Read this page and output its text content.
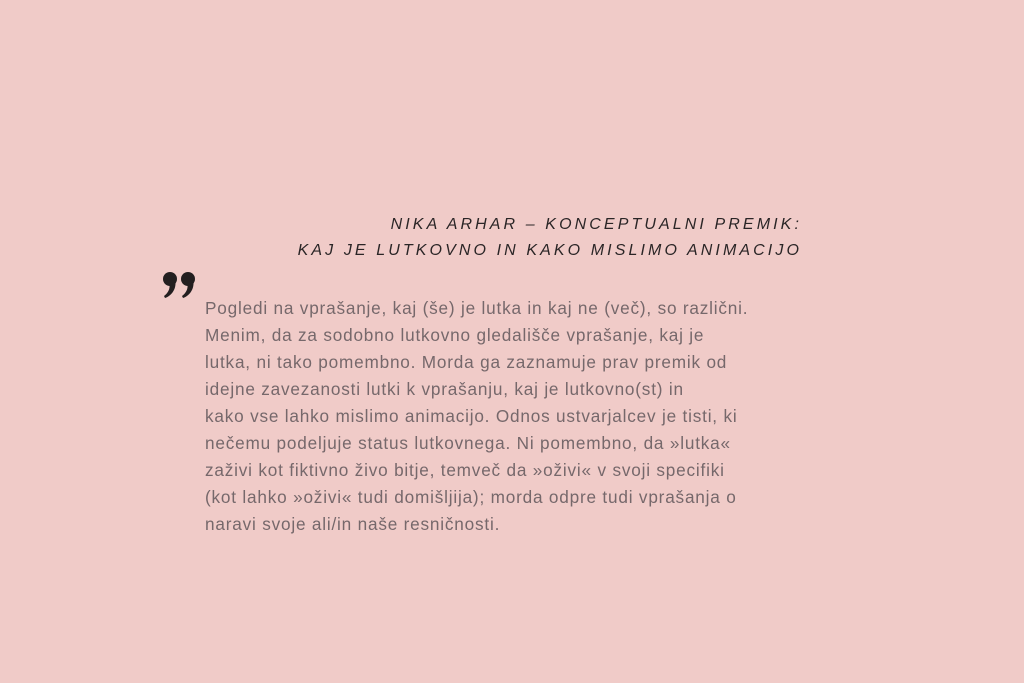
NIKA ARHAR – KONCEPTUALNI PREMIK:
KAJ JE LUTKOVNO IN KAKO MISLIMO ANIMACIJO

Pogledi na vprašanje, kaj (še) je lutka in kaj ne (več), so različni.
Menim, da za sodobno lutkovno gledališče vprašanje, kaj je
lutka, ni tako pomembno. Morda ga zaznamuje prav premik od
idejne zavezanosti lutki k vprašanju, kaj je lutkovno(st) in
kako vse lahko mislimo animacijo. Odnos ustvarjalcev je tisti, ki
nečemu podeljuje status lutkovnega. Ni pomembno, da »lutka«
zaživi kot fiktivno živo bitje, temveč da »oživi« v svoji specifiki
(kot lahko »oživi« tudi domišljija); morda odpre tudi vprašanja o
naravi svoje ali/in naše resničnosti.
